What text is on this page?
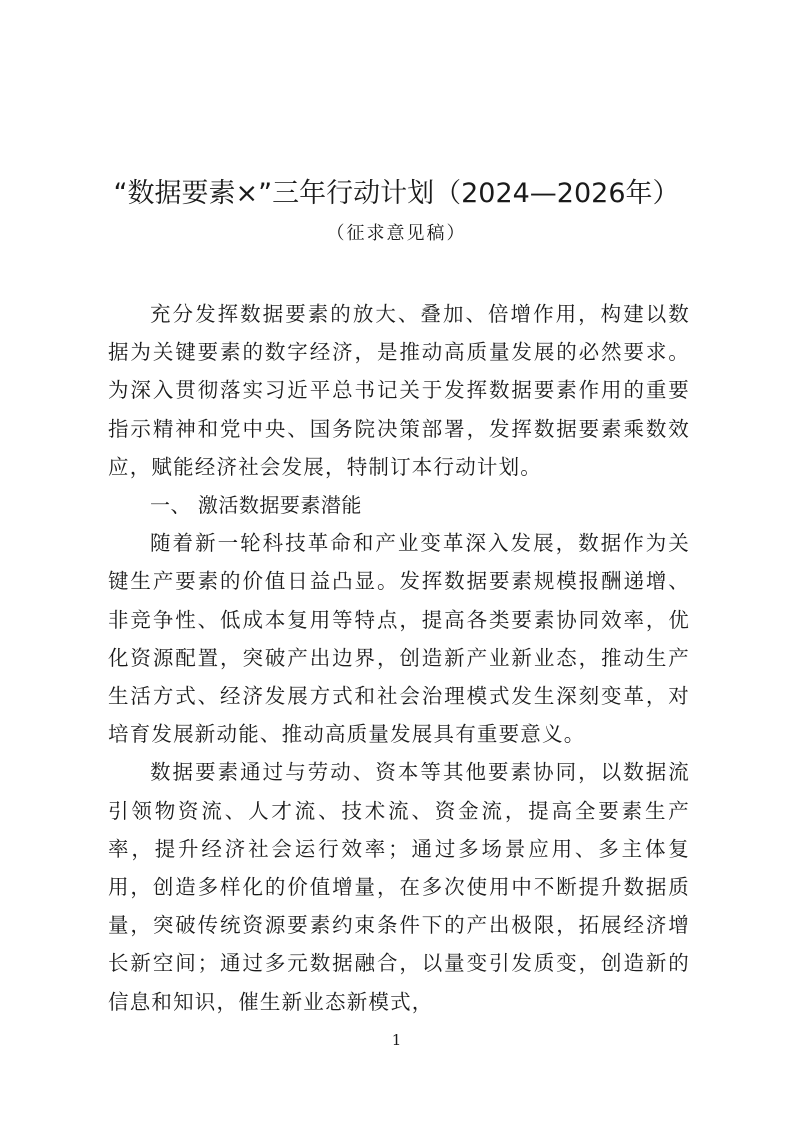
“数据要素×”三年行动计划（2024—2026年）
（征求意见稿）

充分发挥数据要素的放大、叠加、倍增作用，构建以数据为关键要素的数字经济，是推动高质量发展的必然要求。为深入贯彻落实习近平总书记关于发挥数据要素作用的重要指示精神和党中央、国务院决策部署，发挥数据要素乘数效应，赋能经济社会发展，特制订本行动计划。

一、 激活数据要素潜能

随着新一轮科技革命和产业变革深入发展，数据作为关键生产要素的价值日益凸显。发挥数据要素规模报酬递增、非竞争性、低成本复用等特点，提高各类要素协同效率，优化资源配置，突破产出边界，创造新产业新业态，推动生产生活方式、经济发展方式和社会治理模式发生深刻变革，对培育发展新动能、推动高质量发展具有重要意义。

数据要素通过与劳动、资本等其他要素协同，以数据流引领物资流、人才流、技术流、资金流，提高全要素生产率，提升经济社会运行效率；通过多场景应用、多主体复用，创造多样化的价值增量，在多次使用中不断提升数据质量，突破传统资源要素约束条件下的产出极限，拓展经济增长新空间；通过多元数据融合，以量变引发质变，创造新的信息和知识，催生新业态新模式，

1
